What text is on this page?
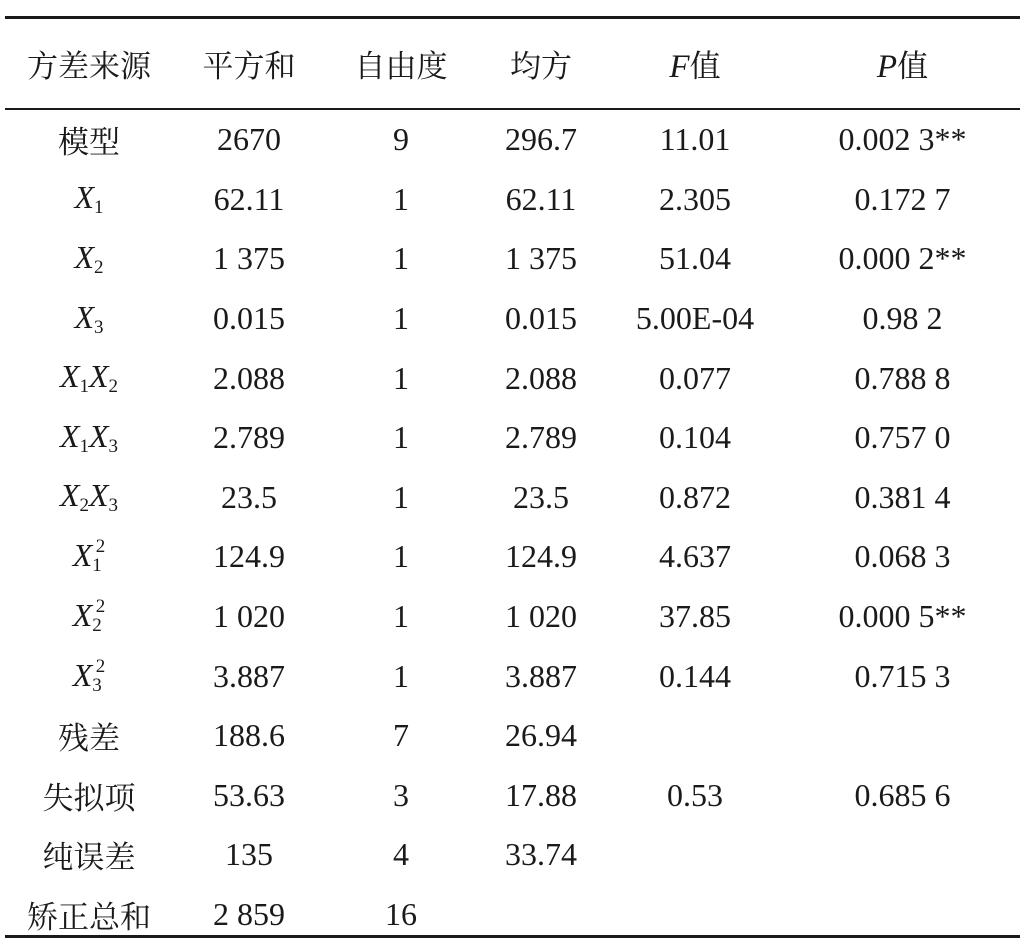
方差来源	平方和	自由度	均方	F值	P值
模型	2670	9	296.7	11.01	0.002 3**
$X_1$	62.11	1	62.11	2.305	0.172 7
$X_2$	1 375	1	1 375	51.04	0.000 2**
$X_3$	0.015	1	0.015	5.00E-04	0.98 2
$X_1X_2$	2.088	1	2.088	0.077	0.788 8
$X_1X_3$	2.789	1	2.789	0.104	0.757 0
$X_2X_3$	23.5	1	23.5	0.872	0.381 4
$X_1^2$	124.9	1	124.9	4.637	0.068 3
$X_2^2$	1 020	1	1 020	37.85	0.000 5**
$X_3^2$	3.887	1	3.887	0.144	0.715 3
残差	188.6	7	26.94		
失拟项	53.63	3	17.88	0.53	0.685 6
纯误差	135	4	33.74		
矫正总和	2 859	16			
